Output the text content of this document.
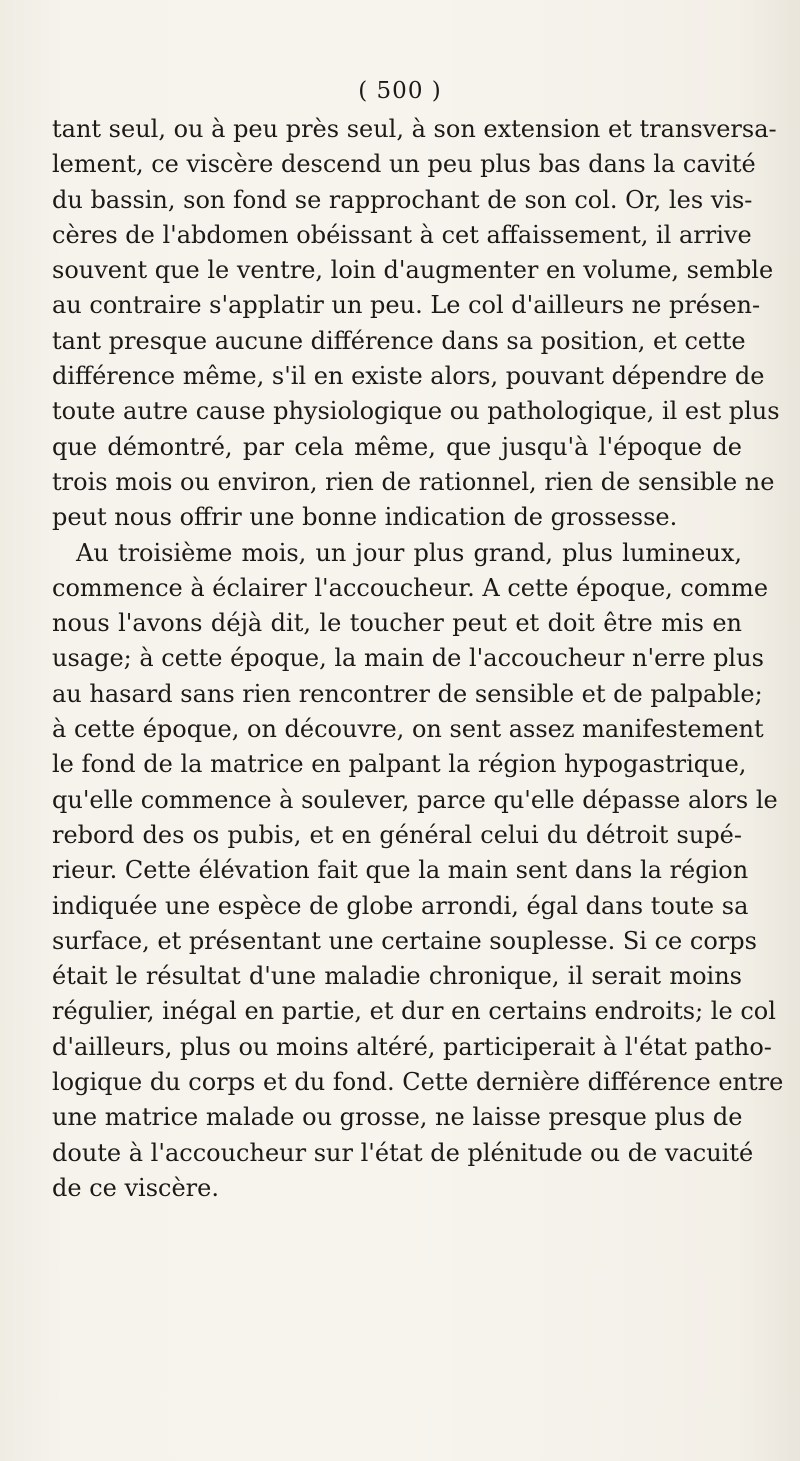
( 500 )
tant seul, ou à peu près seul, à son extension et transversa-
lement, ce viscère descend un peu plus bas dans la cavité
du bassin, son fond se rapprochant de son col. Or, les vis-
cères de l'abdomen obéissant à cet affaissement, il arrive
souvent que le ventre, loin d'augmenter en volume, semble
au contraire s'applatir un peu. Le col d'ailleurs ne présen-
tant presque aucune différence dans sa position, et cette
différence même, s'il en existe alors, pouvant dépendre de
toute autre cause physiologique ou pathologique, il est plus
que démontré, par cela même, que jusqu'à l'époque de
trois mois ou environ, rien de rationnel, rien de sensible ne
peut nous offrir une bonne indication de grossesse.
Au troisième mois, un jour plus grand, plus lumineux,
commence à éclairer l'accoucheur. A cette époque, comme
nous l'avons déjà dit, le toucher peut et doit être mis en
usage; à cette époque, la main de l'accoucheur n'erre plus
au hasard sans rien rencontrer de sensible et de palpable;
à cette époque, on découvre, on sent assez manifestement
le fond de la matrice en palpant la région hypogastrique,
qu'elle commence à soulever, parce qu'elle dépasse alors le
rebord des os pubis, et en général celui du détroit supé-
rieur. Cette élévation fait que la main sent dans la région
indiquée une espèce de globe arrondi, égal dans toute sa
surface, et présentant une certaine souplesse. Si ce corps
était le résultat d'une maladie chronique, il serait moins
régulier, inégal en partie, et dur en certains endroits; le col
d'ailleurs, plus ou moins altéré, participerait à l'état patho-
logique du corps et du fond. Cette dernière différence entre
une matrice malade ou grosse, ne laisse presque plus de
doute à l'accoucheur sur l'état de plénitude ou de vacuité
de ce viscère.
